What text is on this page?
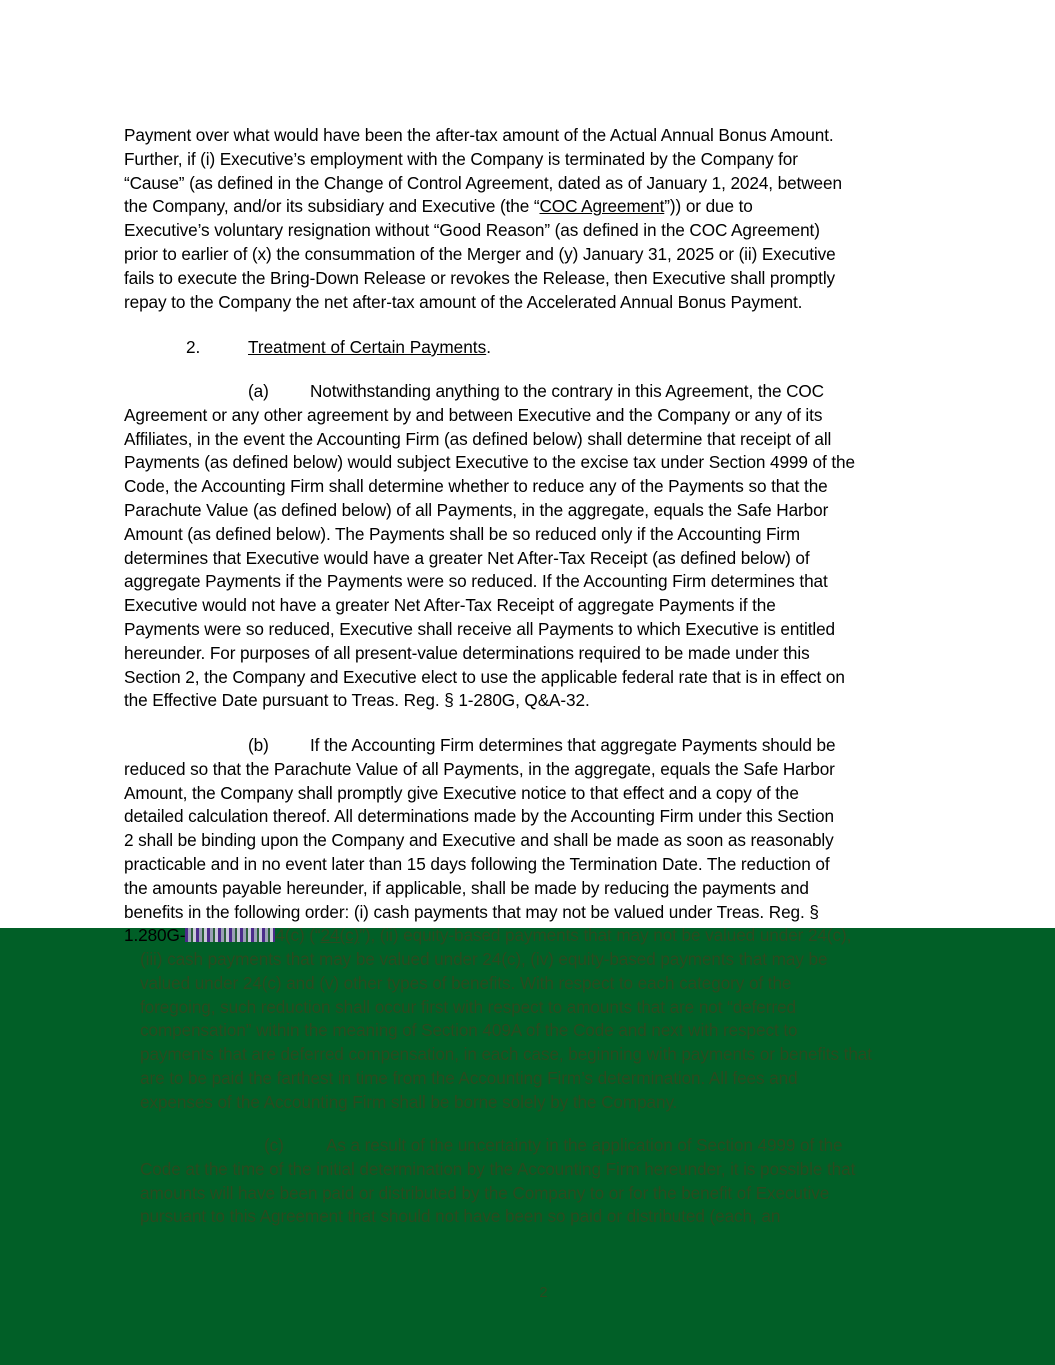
Payment over what would have been the after-tax amount of the Actual Annual Bonus Amount.
Further, if (i) Executive’s employment with the Company is terminated by the Company for
“Cause” (as defined in the Change of Control Agreement, dated as of January 1, 2024, between
the Company, and/or its subsidiary and Executive (the “COC Agreement”)) or due to
Executive’s voluntary resignation without “Good Reason” (as defined in the COC Agreement)
prior to earlier of (x) the consummation of the Merger and (y) January 31, 2025 or (ii) Executive
fails to execute the Bring-Down Release or revokes the Release, then Executive shall promptly
repay to the Company the net after-tax amount of the Accelerated Annual Bonus Payment.
2.	Treatment of Certain Payments.
(a) Notwithstanding anything to the contrary in this Agreement, the COC
Agreement or any other agreement by and between Executive and the Company or any of its
Affiliates, in the event the Accounting Firm (as defined below) shall determine that receipt of all
Payments (as defined below) would subject Executive to the excise tax under Section 4999 of the
Code, the Accounting Firm shall determine whether to reduce any of the Payments so that the
Parachute Value (as defined below) of all Payments, in the aggregate, equals the Safe Harbor
Amount (as defined below). The Payments shall be so reduced only if the Accounting Firm
determines that Executive would have a greater Net After-Tax Receipt (as defined below) of
aggregate Payments if the Payments were so reduced. If the Accounting Firm determines that
Executive would not have a greater Net After-Tax Receipt of aggregate Payments if the
Payments were so reduced, Executive shall receive all Payments to which Executive is entitled
hereunder. For purposes of all present-value determinations required to be made under this
Section 2, the Company and Executive elect to use the applicable federal rate that is in effect on
the Effective Date pursuant to Treas. Reg. § 1-280G, Q&A-32.
(b) If the Accounting Firm determines that aggregate Payments should be
reduced so that the Parachute Value of all Payments, in the aggregate, equals the Safe Harbor
Amount, the Company shall promptly give Executive notice to that effect and a copy of the
detailed calculation thereof. All determinations made by the Accounting Firm under this Section
2 shall be binding upon the Company and Executive and shall be made as soon as reasonably
practicable and in no event later than 15 days following the Termination Date. The reduction of
the amounts payable hereunder, if applicable, shall be made by reducing the payments and
benefits in the following order: (i) cash payments that may not be valued under Treas. Reg. §
1.280G-	4(c) (“24(c)”), (ii) equity-based payments that may not be valued under 24(c),
(iii) cash payments that may be valued under 24(c), (iv) equity-based payments that may be
valued under 24(c) and (v) other types of benefits. With respect to each category of the
foregoing, such reduction shall occur first with respect to amounts that are not “deferred
compensation” within the meaning of Section 409A of the Code and next with respect to
payments that are deferred compensation, in each case, beginning with payments or benefits that
are to be paid the farthest in time from the Accounting Firm’s determination. All fees and
expenses of the Accounting Firm shall be borne solely by the Company.
(c) As a result of the uncertainty in the application of Section 4999 of the
Code at the time of the initial determination by the Accounting Firm hereunder, it is possible that
amounts will have been paid or distributed by the Company to or for the benefit of Executive
pursuant to this Agreement that should not have been so paid or distributed (each, an
2
